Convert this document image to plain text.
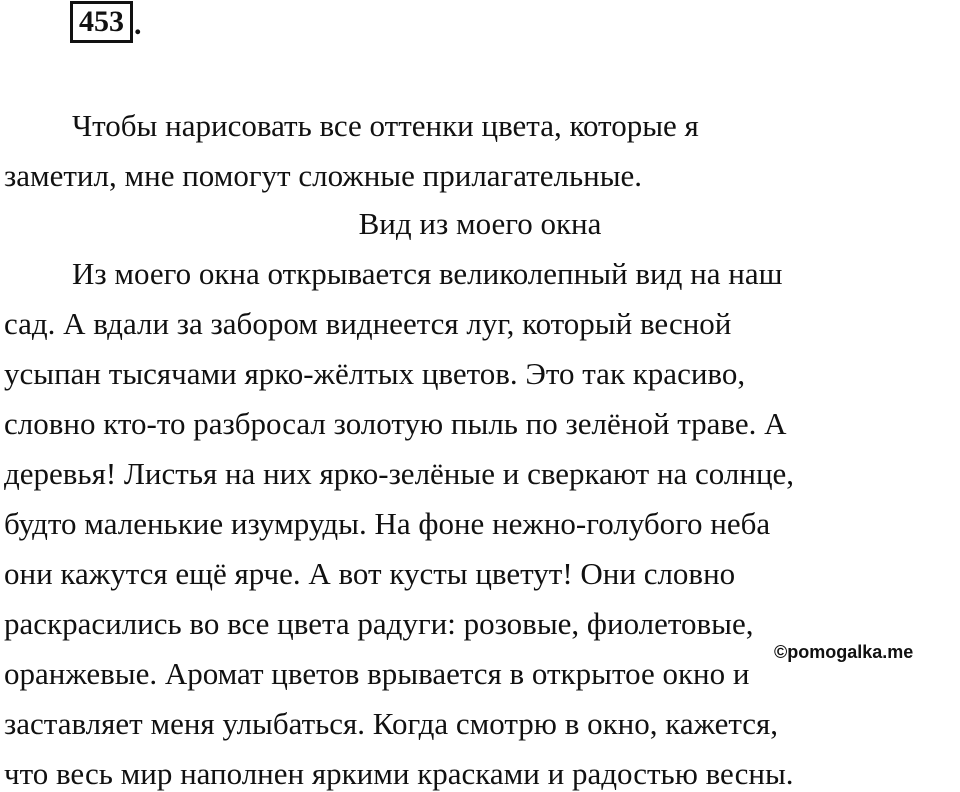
453 .
Чтобы нарисовать все оттенки цвета, которые я
заметил, мне помогут сложные прилагательные.
Вид из моего окна
Из моего окна открывается великолепный вид на наш
сад. А вдали за забором виднеется луг, который весной
усыпан тысячами ярко-жёлтых цветов. Это так красиво,
словно кто-то разбросал золотую пыль по зелёной траве. А
деревья! Листья на них ярко-зелёные и сверкают на солнце,
будто маленькие изумруды. На фоне нежно-голубого неба
они кажутся ещё ярче. А вот кусты цветут! Они словно
раскрасились во все цвета радуги: розовые, фиолетовые,
оранжевые. Аромат цветов врывается в открытое окно и
заставляет меня улыбаться. Когда смотрю в окно, кажется,
что весь мир наполнен яркими красками и радостью весны.
©pomogalka.me
